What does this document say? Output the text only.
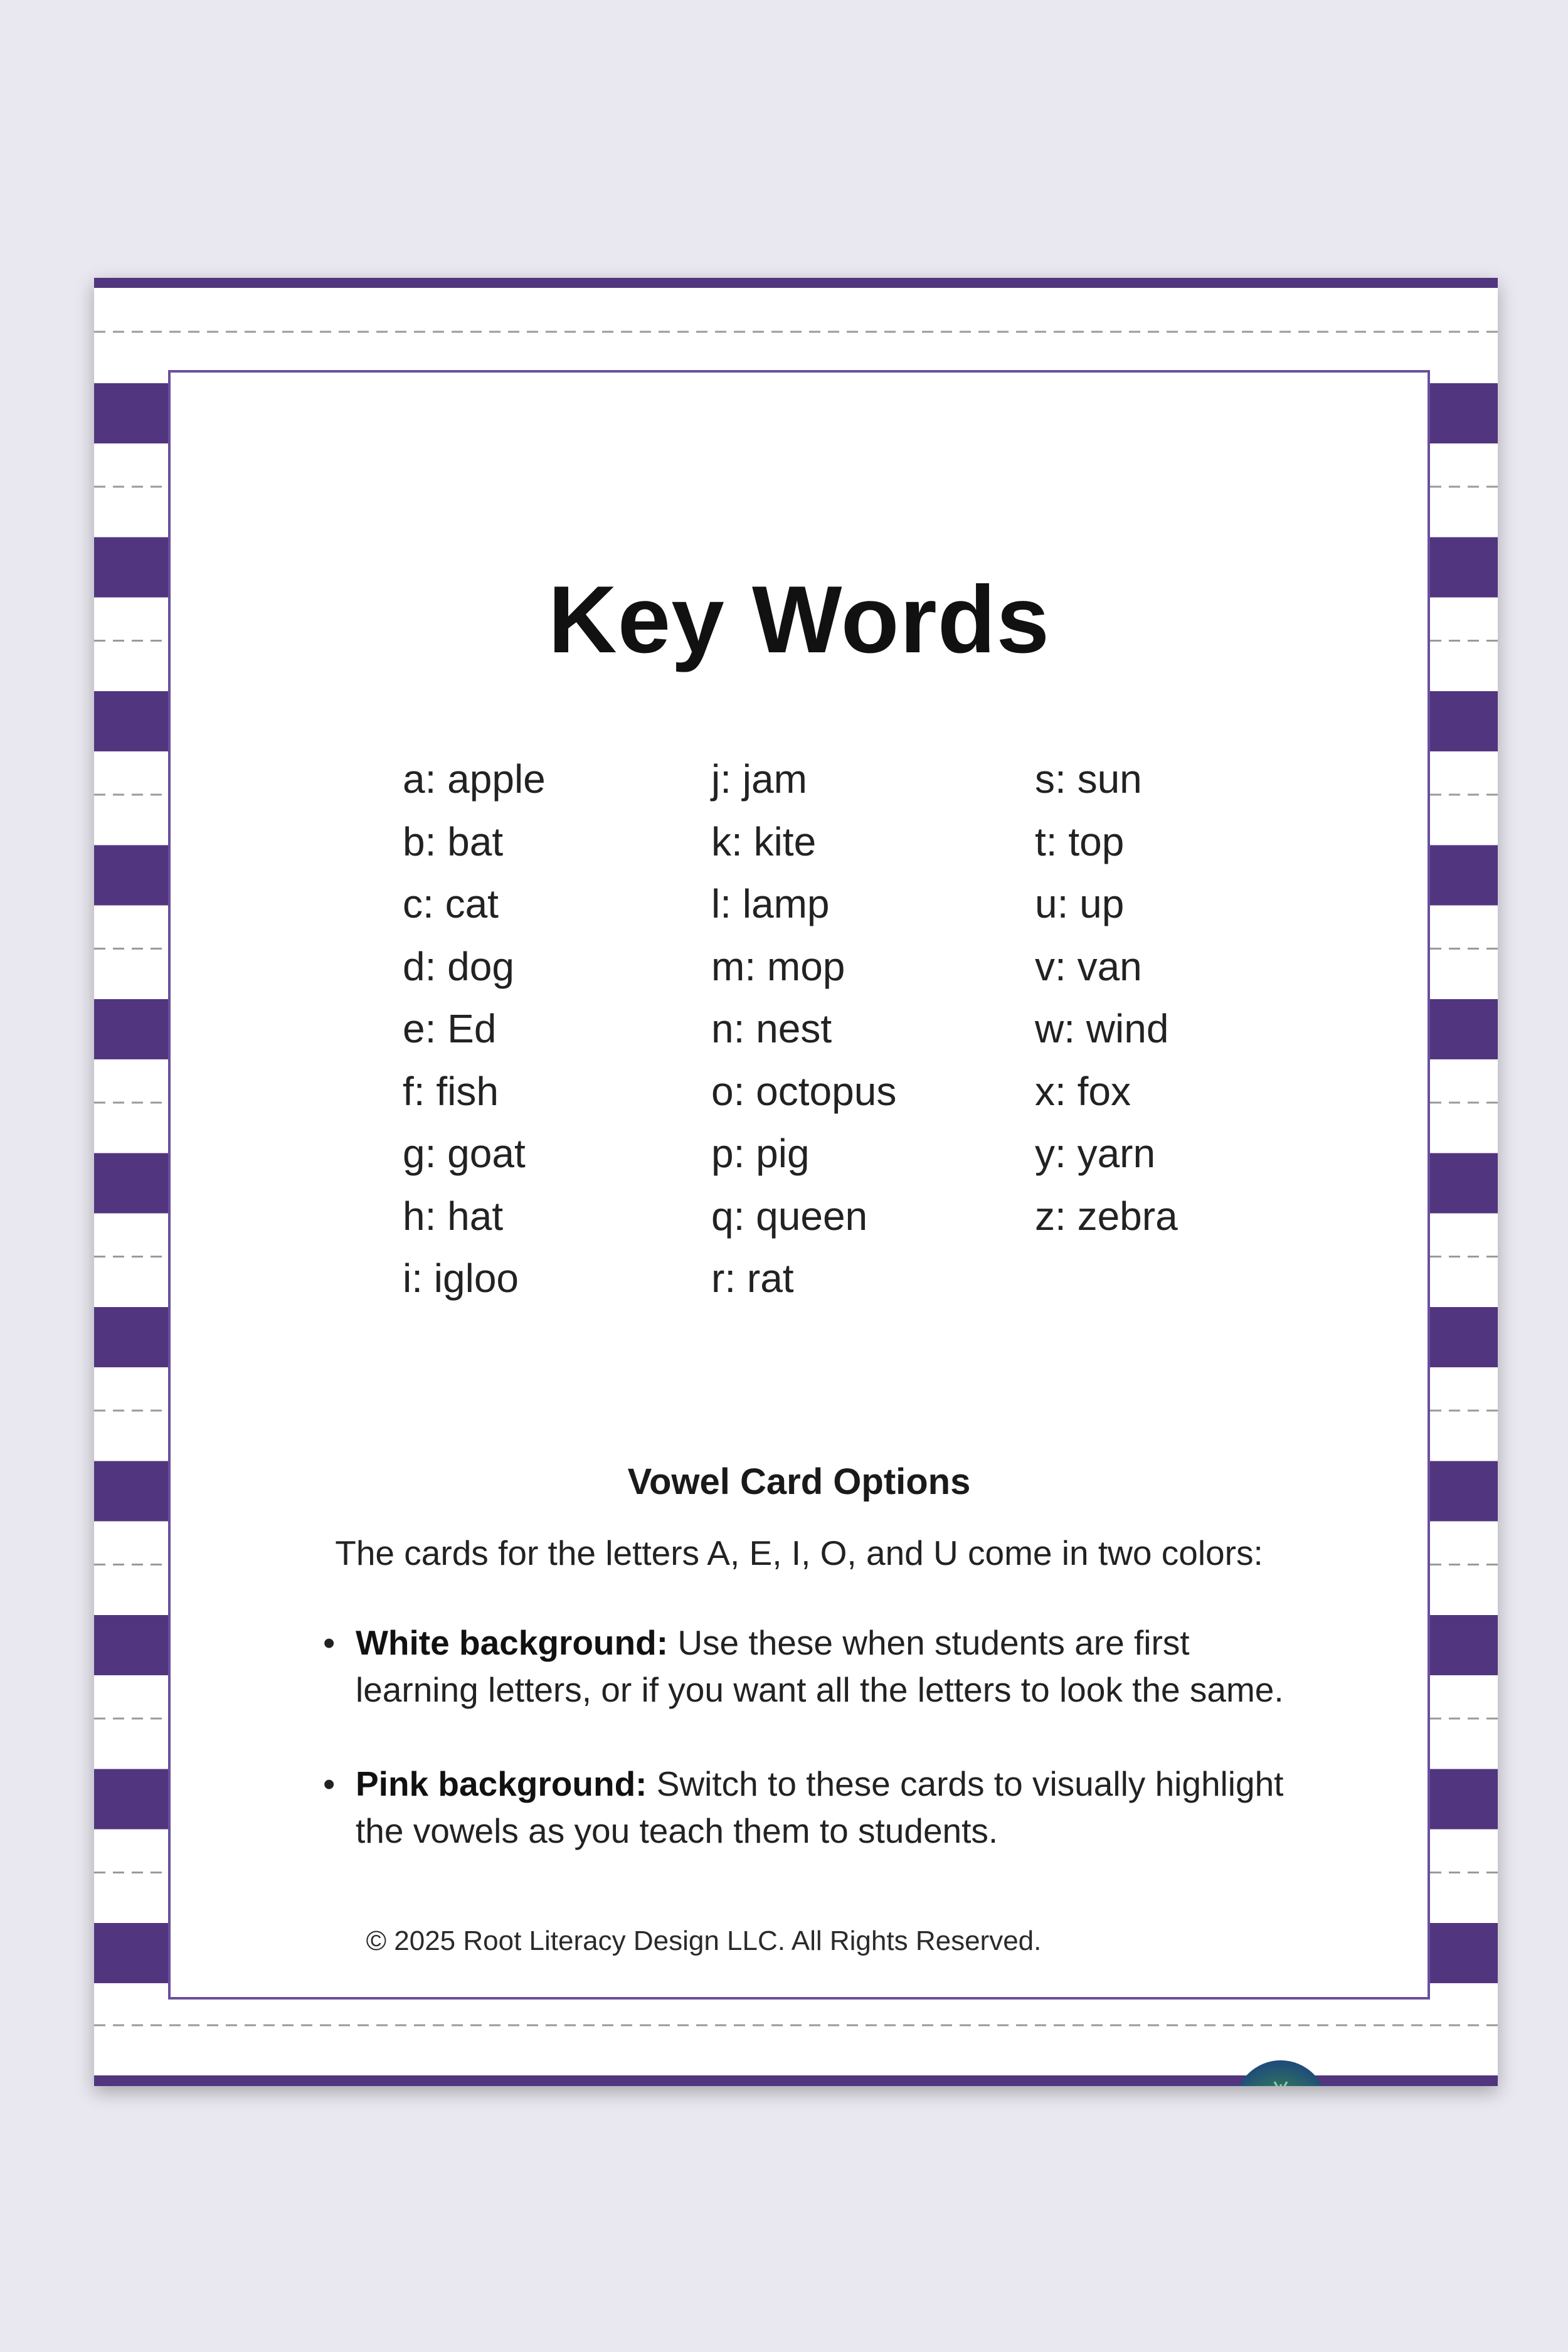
Key Words
a: apple
b: bat
c: cat
d: dog
e: Ed
f: fish
g: goat
h: hat
i: igloo
j: jam
k: kite
l: lamp
m: mop
n: nest
o: octopus
p: pig
q: queen
r: rat
s: sun
t: top
u: up
v: van
w: wind
x: fox
y: yarn
z: zebra
Vowel Card Options

The cards for the letters A, E, I, O, and U come in two colors:

• White background: Use these when students are first learning letters, or if you want all the letters to look the same.
• Pink background: Switch to these cards to visually highlight the vowels as you teach them to students.

© 2025 Root Literacy Design LLC. All Rights Reserved.

ROOT
LITERACY DESIGN
